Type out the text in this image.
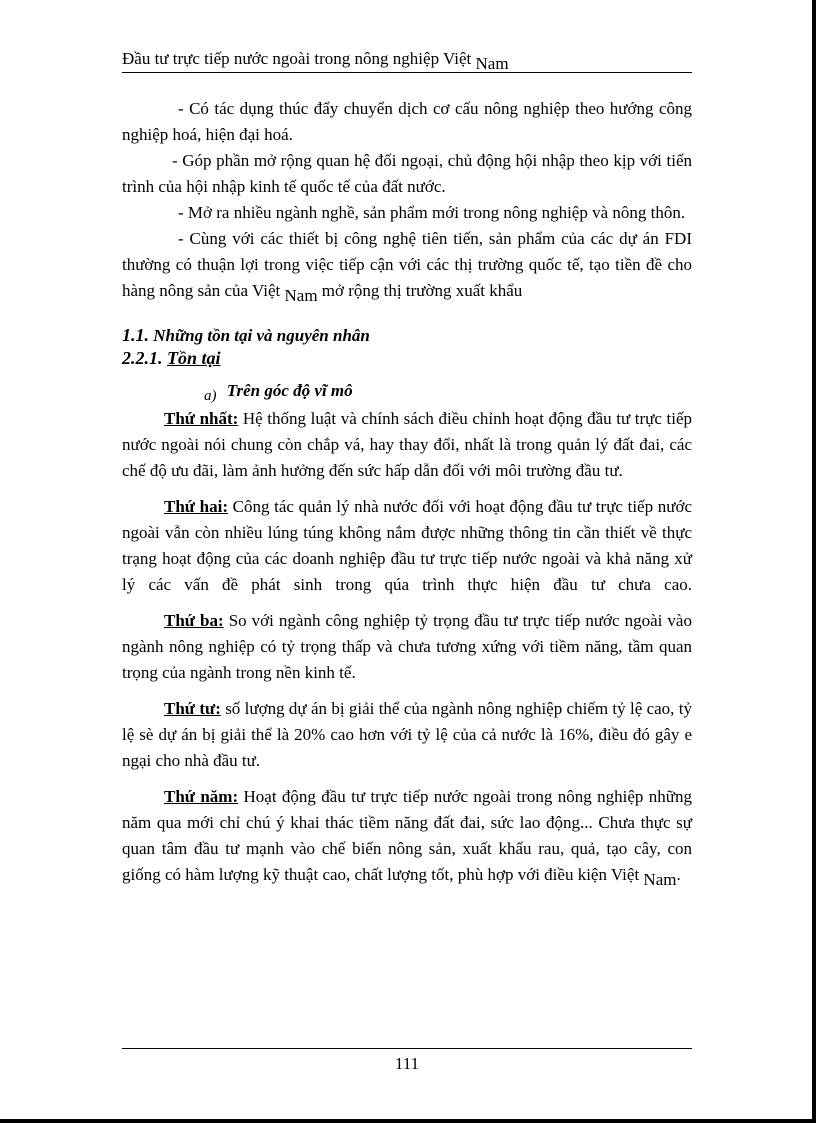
Đầu tư trực tiếp nước ngoài trong nông nghiệp Việt Nam

- Có tác dụng thúc đẩy chuyển dịch cơ cấu nông nghiệp theo hướng công nghiệp hoá, hiện đại hoá.

- Góp phần mở rộng quan hệ đối ngoại, chủ động hội nhập theo kịp với tiến trình của hội nhập kinh tế quốc tế của đất nước.

- Mở ra nhiều ngành nghề, sản phẩm mới trong nông nghiệp và nông thôn.

- Cùng với các thiết bị công nghệ tiên tiến, sản phẩm của các dự án FDI thường có thuận lợi trong việc tiếp cận với các thị trường quốc tế, tạo tiền đề cho hàng nông sản của Việt Nam mở rộng thị trường xuất khẩu

1.1. Những tồn tại và nguyên nhân
2.2.1. Tồn tại
a) Trên góc độ vĩ mô

Thứ nhất: Hệ thống luật và chính sách điều chỉnh hoạt động đầu tư trực tiếp nước ngoài nói chung còn chắp vá, hay thay đổi, nhất là trong quản lý đất đai, các chế độ ưu đãi, làm ảnh hưởng đến sức hấp dẫn đối với môi trường đầu tư.

Thứ hai: Công tác quản lý nhà nước đối với hoạt động đầu tư trực tiếp nước ngoài vẫn còn nhiều lúng túng không nắm được những thông tin cần thiết về thực trạng hoạt động của các doanh nghiệp đầu tư trực tiếp nước ngoài và khả năng xử lý các vấn đề phát sinh trong qúa trình thực hiện đầu tư chưa cao.

Thứ ba: So với ngành công nghiệp tỷ trọng đầu tư trực tiếp nước ngoài vào ngành nông nghiệp có tỷ trọng thấp và chưa tương xứng với tiềm năng, tầm quan trọng của ngành trong nền kinh tế.

Thứ tư: số lượng dự án bị giải thể của ngành nông nghiệp chiếm tỷ lệ cao, tỷ lệ sè dự án bị giải thể là 20% cao hơn với tỷ lệ của cả nước là 16%, điều đó gây e ngại cho nhà đầu tư.

Thứ năm: Hoạt động đầu tư trực tiếp nước ngoài trong nông nghiệp những năm qua mới chỉ chú ý khai thác tiềm năng đất đai, sức lao động... Chưa thực sự quan tâm đầu tư mạnh vào chế biến nông sản, xuất khẩu rau, quả, tạo cây, con giống có hàm lượng kỹ thuật cao, chất lượng tốt, phù hợp với điều kiện Việt Nam.

111
